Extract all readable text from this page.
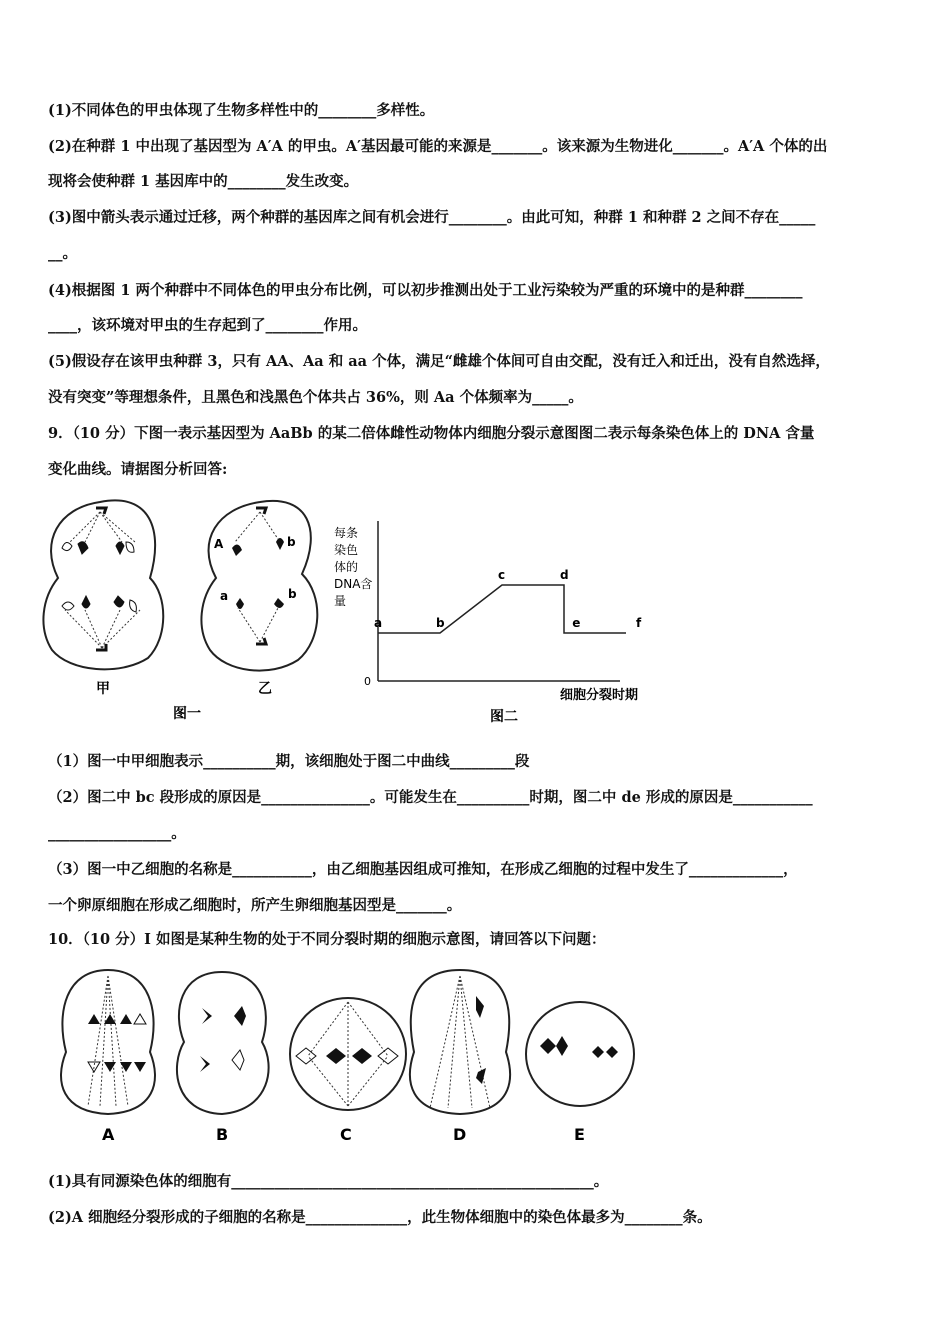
(1)不同体色的甲虫体现了生物多样性中的________多样性。
(2)在种群 1 中出现了基因型为 A′A 的甲虫。A′基因最可能的来源是_______。该来源为生物进化_______。A′A 个体的出
现将会使种群 1 基因库中的________发生改变。
(3)图中箭头表示通过迁移，两个种群的基因库之间有机会进行________。由此可知，种群 1 和种群 2 之间不存在_____
__。
(4)根据图 1 两个种群中不同体色的甲虫分布比例，可以初步推测出处于工业污染较为严重的环境中的是种群________
____，该环境对甲虫的生存起到了________作用。
(5)假设存在该甲虫种群 3，只有 AA、Aa 和 aa 个体，满足“雌雄个体间可自由交配，没有迁入和迁出，没有自然选择，
没有突变”等理想条件，且黑色和浅黑色个体共占 36%，则 Aa 个体频率为_____。
9．（10 分）下图一表示基因型为 AaBb 的某二倍体雌性动物体内细胞分裂示意图图二表示每条染色体上的 DNA 含量
变化曲线。请据图分析回答:
甲
图一
A	b
a	b
乙
每条
染色
体的
DNA含
量
0
细胞分裂时期
图二
a	b
c	d
e	f
（1）图一中甲细胞表示__________期，该细胞处于图二中曲线_________段
（2）图二中 bc 段形成的原因是_______________。可能发生在__________时期，图二中 de 形成的原因是___________
_________________。
（3）图一中乙细胞的名称是___________，由乙细胞基因组成可推知，在形成乙细胞的过程中发生了_____________，
一个卵原细胞在形成乙细胞时，所产生卵细胞基因型是_______。
10．（10 分）I 如图是某种生物的处于不同分裂时期的细胞示意图，请回答以下问题：
A	B	C	D	E
(1)具有同源染色体的细胞有__________________________________________________。
(2)A 细胞经分裂形成的子细胞的名称是______________，此生物体细胞中的染色体最多为________条。
